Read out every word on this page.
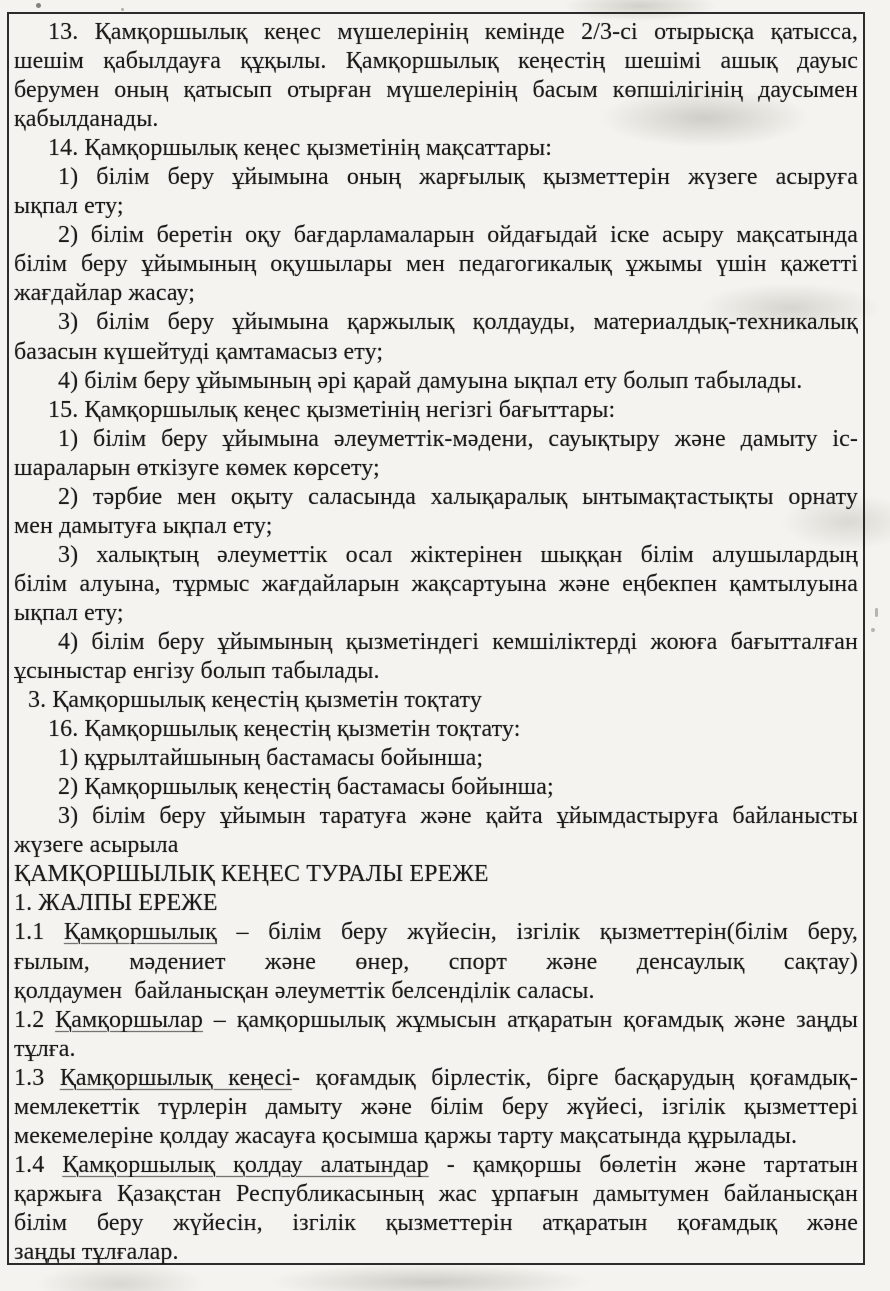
13. Қамқоршылық кеңес мүшелерінің кемінде 2/3-сі отырысқа қатысса,
шешім қабылдауға құқылы. Қамқоршылық кеңестің шешімі ашық дауыс
берумен оның қатысып отырған мүшелерінің басым көпшілігінің даусымен
қабылданады.
14. Қамқоршылық кеңес қызметінің мақсаттары:
1) білім беру ұйымына оның жарғылық қызметтерін жүзеге асыруға
ықпал ету;
2) білім беретін оқу бағдарламаларын ойдағыдай іске асыру мақсатында
білім беру ұйымының оқушылары мен педагогикалық ұжымы үшін қажетті
жағдайлар жасау;
3) білім беру ұйымына қаржылық қолдауды, материалдық-техникалық
базасын күшейтуді қамтамасыз ету;
4) білім беру ұйымының әрі қарай дамуына ықпал ету болып табылады.
15. Қамқоршылық кеңес қызметінің негізгі бағыттары:
1) білім беру ұйымына әлеуметтік-мәдени, сауықтыру және дамыту іс-
шараларын өткізуге көмек көрсету;
2) тәрбие мен оқыту саласында халықаралық ынтымақтастықты орнату
мен дамытуға ықпал ету;
3) халықтың әлеуметтік осал жіктерінен шыққан білім алушылардың
білім алуына, тұрмыс жағдайларын жақсартуына және еңбекпен қамтылуына
ықпал ету;
4) білім беру ұйымының қызметіндегі кемшіліктерді жоюға бағытталған
ұсыныстар енгізу болып табылады.
3. Қамқоршылық кеңестің қызметін тоқтату
16. Қамқоршылық кеңестің қызметін тоқтату:
1) құрылтайшының бастамасы бойынша;
2) Қамқоршылық кеңестің бастамасы бойынша;
3) білім беру ұйымын таратуға және қайта ұйымдастыруға байланысты
жүзеге асырыла
ҚАМҚОРШЫЛЫҚ КЕҢЕС ТУРАЛЫ ЕРЕЖЕ
1. ЖАЛПЫ ЕРЕЖЕ
1.1 Қамқоршылық – білім беру жүйесін, ізгілік қызметтерін(білім беру,
ғылым, мәдениет және өнер, спорт және денсаулық сақтау)
қолдаумен  байланысқан әлеуметтік белсенділік саласы.
1.2 Қамқоршылар – қамқоршылық жұмысын атқаратын қоғамдық және заңды
тұлға.
1.3 Қамқоршылық кеңесі- қоғамдық бірлестік, бірге басқарудың қоғамдық-
мемлекеттік түрлерін дамыту және білім беру жүйесі, ізгілік қызметтері
мекемелеріне қолдау жасауға қосымша қаржы тарту мақсатында құрылады.
1.4 Қамқоршылық қолдау алатындар - қамқоршы бөлетін және тартатын
қаржыға Қазақстан Республикасының жас ұрпағын дамытумен байланысқан
білім беру жүйесін, ізгілік қызметтерін атқаратын қоғамдық және
заңды тұлғалар.
